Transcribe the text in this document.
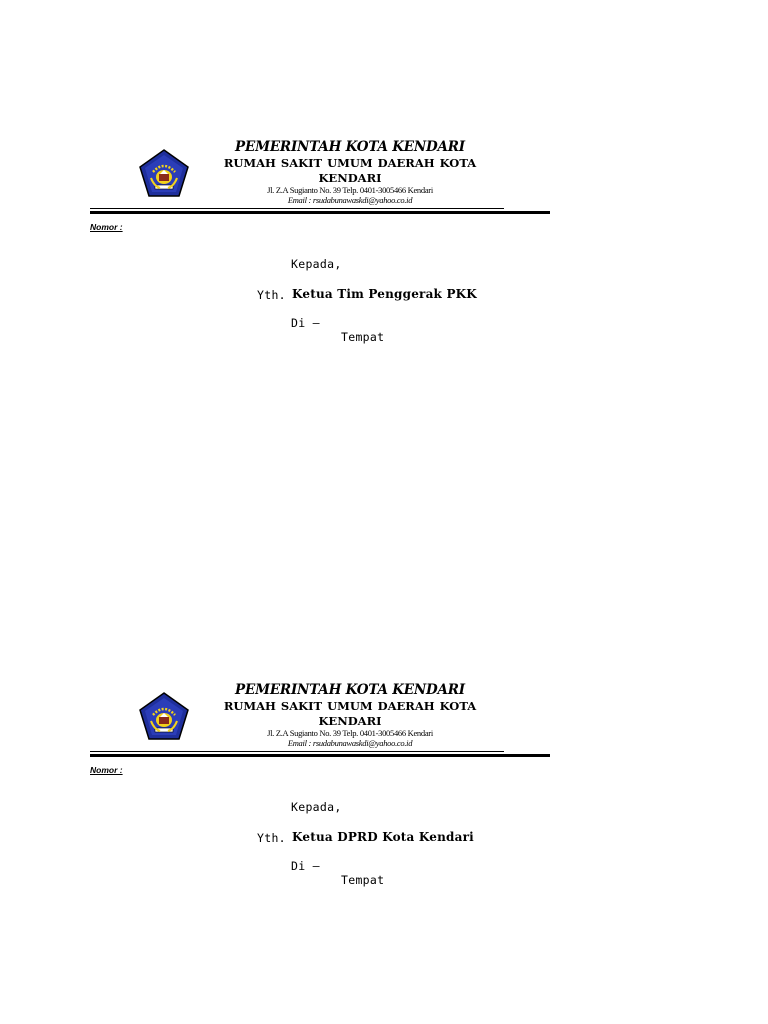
PEMERINTAH KOTA KENDARI
RUMAH SAKIT UMUM DAERAH KOTA KENDARI
Jl. Z.A Sugianto No. 39 Telp. 0401-3005466 Kendari
Email : rsudabunawaskdi@yahoo.co.id
Nomor :
Kepada,
Yth. Ketua Tim Penggerak PKK
Di –
Tempat
PEMERINTAH KOTA KENDARI
RUMAH SAKIT UMUM DAERAH KOTA KENDARI
Jl. Z.A Sugianto No. 39 Telp. 0401-3005466 Kendari
Email : rsudabunawaskdi@yahoo.co.id
Nomor :
Kepada,
Yth. Ketua DPRD Kota Kendari
Di –
Tempat
